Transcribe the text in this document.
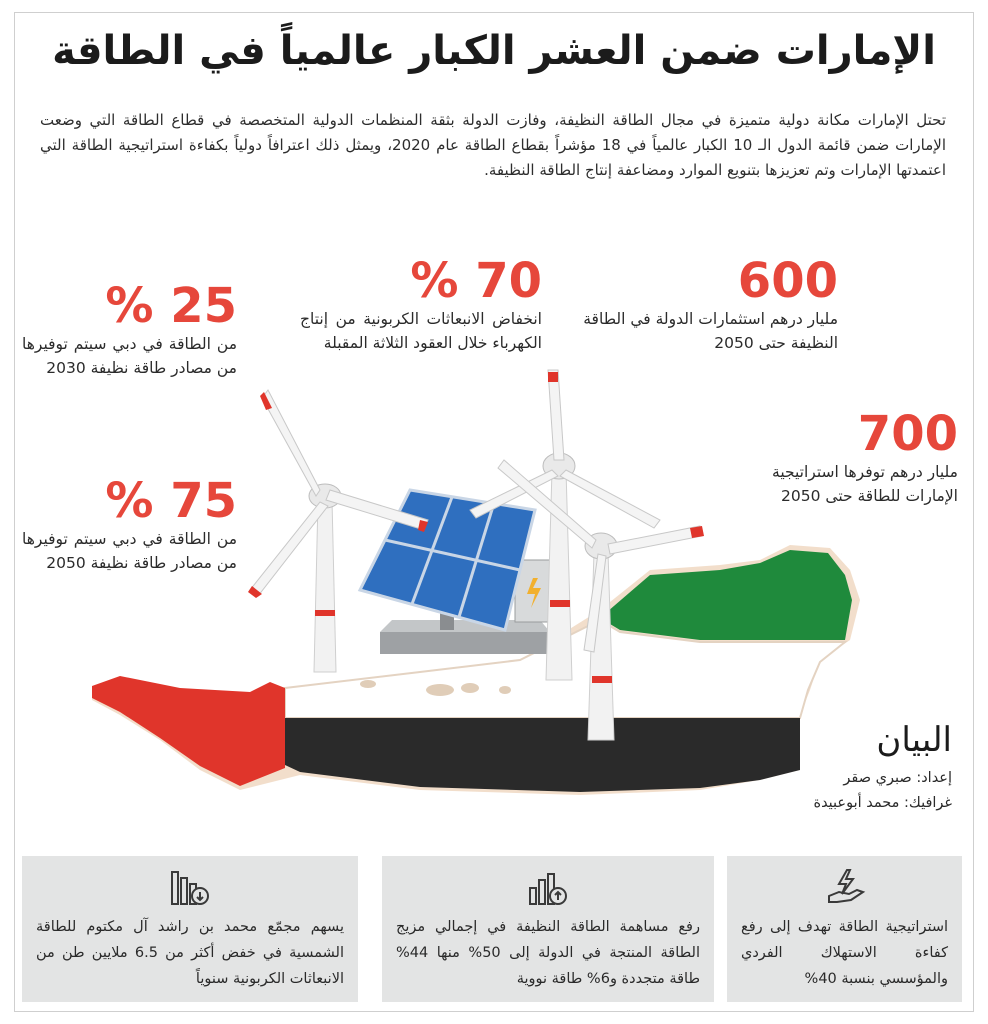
الإمارات ضمن العشر الكبار عالمياً في الطاقة
تحتل الإمارات مكانة دولية متميزة في مجال الطاقة النظيفة، وفازت الدولة بثقة المنظمات الدولية المتخصصة في قطاع الطاقة التي وضعت الإمارات ضمن قائمة الدول الـ 10 الكبار عالمياً في 18 مؤشراً بقطاع الطاقة عام 2020، ويمثل ذلك اعترافاً دولياً بكفاءة استراتيجية الطاقة التي اعتمدتها الإمارات وتم تعزيزها بتنويع الموارد ومضاعفة إنتاج الطاقة النظيفة.
600
مليار درهم استثمارات الدولة في الطاقة النظيفة حتى 2050
700
مليار درهم توفرها استراتيجية الإمارات للطاقة حتى 2050
70 %
انخفاض الانبعاثات الكربونية من إنتاج الكهرباء خلال العقود الثلاثة المقبلة
25 %
من الطاقة في دبي سيتم توفيرها من مصادر طاقة نظيفة 2030
75 %
من الطاقة في دبي سيتم توفيرها من مصادر طاقة نظيفة 2050
البيان
إعداد: صبري صقر
غرافيك: محمد أبوعبيدة
استراتيجية الطاقة تهدف إلى رفع كفاءة الاستهلاك الفردي والمؤسسي بنسبة 40%
رفع مساهمة الطاقة النظيفة في إجمالي مزيج الطاقة المنتجة في الدولة إلى 50% منها 44% طاقة متجددة و6% طاقة نووية
يسهم مجمّع محمد بن راشد آل مكتوم للطاقة الشمسية في خفض أكثر من 6.5 ملايين طن من الانبعاثات الكربونية سنوياً
